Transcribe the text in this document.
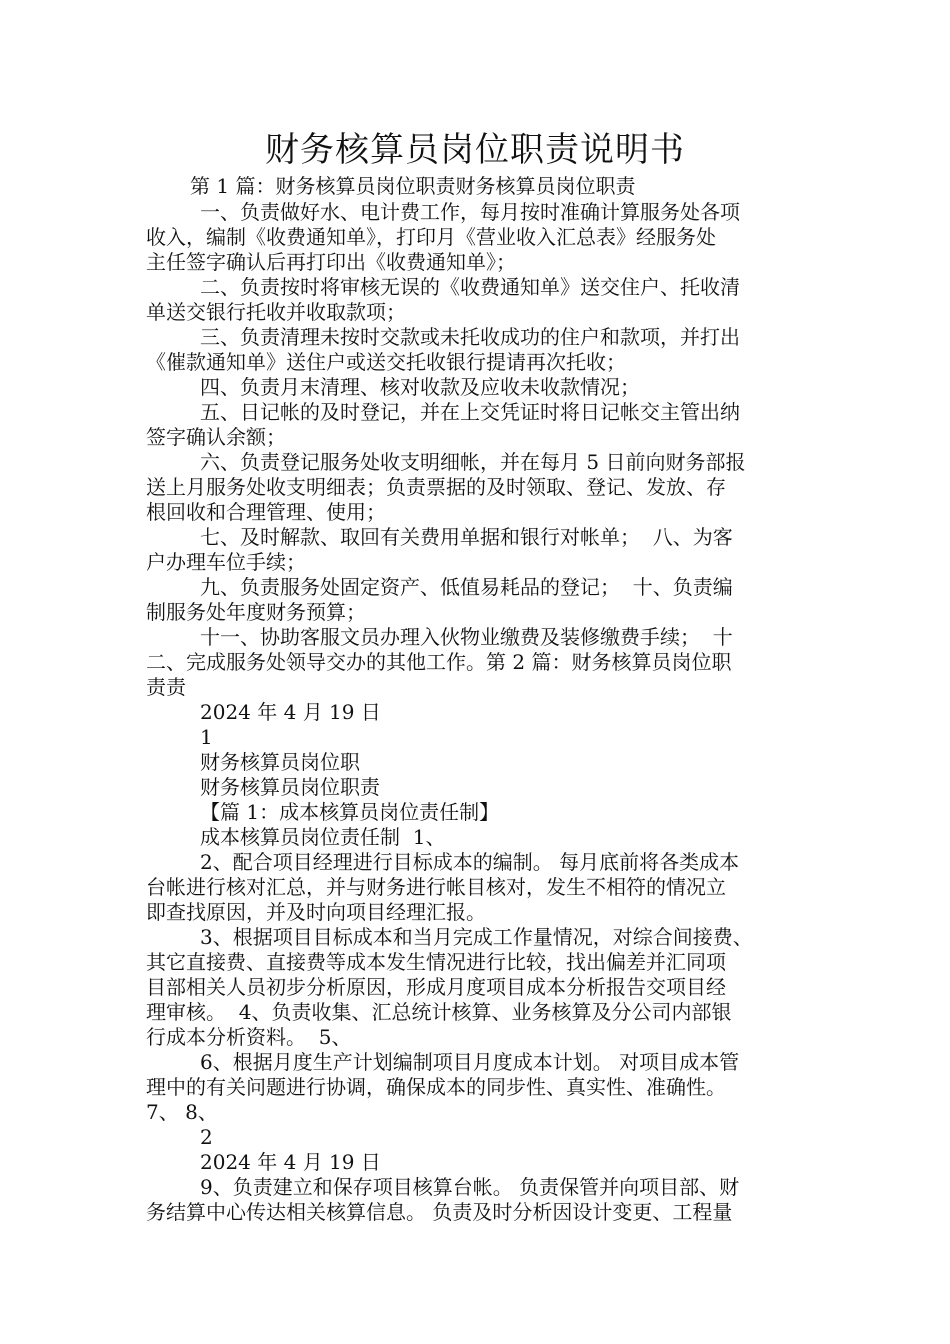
财务核算员岗位职责说明书
第 1 篇：财务核算员岗位职责财务核算员岗位职责
一、负责做好水、电计费工作，每月按时准确计算服务处各项
收入，编制《收费通知单》，打印月《营业收入汇总表》经服务处
主任签字确认后再打印出《收费通知单》；
二、负责按时将审核无误的《收费通知单》送交住户、托收清
单送交银行托收并收取款项；
三、负责清理未按时交款或未托收成功的住户和款项，并打出
《催款通知单》送住户或送交托收银行提请再次托收；
四、负责月末清理、核对收款及应收未收款情况；
五、日记帐的及时登记，并在上交凭证时将日记帐交主管出纳
签字确认余额；
六、负责登记服务处收支明细帐，并在每月 5 日前向财务部报
送上月服务处收支明细表；负责票据的及时领取、登记、发放、存
根回收和合理管理、使用；
七、及时解款、取回有关费用单据和银行对帐单；  八、为客
户办理车位手续；
九、负责服务处固定资产、低值易耗品的登记；  十、负责编
制服务处年度财务预算；
十一、协助客服文员办理入伙物业缴费及装修缴费手续；  十
二、完成服务处领导交办的其他工作。第 2 篇：财务核算员岗位职
责责
2024 年 4 月 19 日
1
财务核算员岗位职
财务核算员岗位职责
【篇 1：成本核算员岗位责任制】
成本核算员岗位责任制  1、
2、配合项目经理进行目标成本的编制。 每月底前将各类成本
台帐进行核对汇总，并与财务进行帐目核对，发生不相符的情况立
即查找原因，并及时向项目经理汇报。
3、根据项目目标成本和当月完成工作量情况，对综合间接费、
其它直接费、直接费等成本发生情况进行比较，找出偏差并汇同项
目部相关人员初步分析原因，形成月度项目成本分析报告交项目经
理审核。  4、负责收集、汇总统计核算、业务核算及分公司内部银
行成本分析资料。  5、
6、根据月度生产计划编制项目月度成本计划。 对项目成本管
理中的有关问题进行协调，确保成本的同步性、真实性、准确性。
7、 8、
2
2024 年 4 月 19 日
9、负责建立和保存项目核算台帐。 负责保管并向项目部、财
务结算中心传达相关核算信息。 负责及时分析因设计变更、工程量
